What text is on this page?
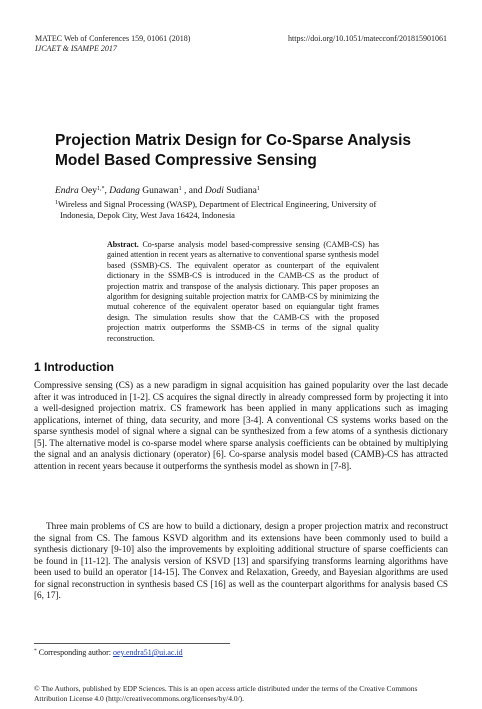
MATEC Web of Conferences 159, 01061 (2018)
IJCAET & ISAMPE 2017
https://doi.org/10.1051/matecconf/201815901061
Projection Matrix Design for Co-Sparse Analysis Model Based Compressive Sensing
Endra Oey$^{1,*}$, Dadang Gunawan$^1$ , and Dodi Sudiana$^1$
$^1$Wireless and Signal Processing (WASP), Department of Electrical Engineering, University of
Indonesia, Depok City, West Java 16424, Indonesia
Abstract. Co-sparse analysis model based-compressive sensing (CAMB-CS) has gained attention in recent years as alternative to conventional sparse synthesis model based (SSMB)-CS. The equivalent operator as counterpart of the equivalent dictionary in the SSMB-CS is introduced in the CAMB-CS as the product of projection matrix and transpose of the analysis dictionary. This paper proposes an algorithm for designing suitable projection matrix for CAMB-CS by minimizing the mutual coherence of the equivalent operator based on equiangular tight frames design. The simulation results show that the CAMB-CS with the proposed projection matrix outperforms the SSMB-CS in terms of the signal quality reconstruction.
1 Introduction
Compressive sensing (CS) as a new paradigm in signal acquisition has gained popularity over the last decade after it was introduced in [1-2]. CS acquires the signal directly in already compressed form by projecting it into a well-designed projection matrix. CS framework has been applied in many applications such as imaging applications, internet of thing, data security, and more [3-4]. A conventional CS systems works based on the sparse synthesis model of signal where a signal can be synthesized from a few atoms of a synthesis dictionary [5]. The alternative model is co-sparse model where sparse analysis coefficients can be obtained by multiplying the signal and an analysis dictionary (operator) [6]. Co-sparse analysis model based (CAMB)-CS has attracted attention in recent years because it outperforms the synthesis model as shown in [7-8].
Three main problems of CS are how to build a dictionary, design a proper projection matrix and reconstruct the signal from CS. The famous KSVD algorithm and its extensions have been commonly used to build a synthesis dictionary [9-10] also the improvements by exploiting additional structure of sparse coefficients can be found in [11-12]. The analysis version of KSVD [13] and sparsifying transforms learning algorithms have been used to build an operator [14-15]. The Convex and Relaxation, Greedy, and Bayesian algorithms are used for signal reconstruction in synthesis based CS [16] as well as the counterpart algorithms for analysis based CS [6, 17].
* Corresponding author: oey.endra51@ui.ac.id
© The Authors, published by EDP Sciences. This is an open access article distributed under the terms of the Creative Commons Attribution License 4.0 (http://creativecommons.org/licenses/by/4.0/).
